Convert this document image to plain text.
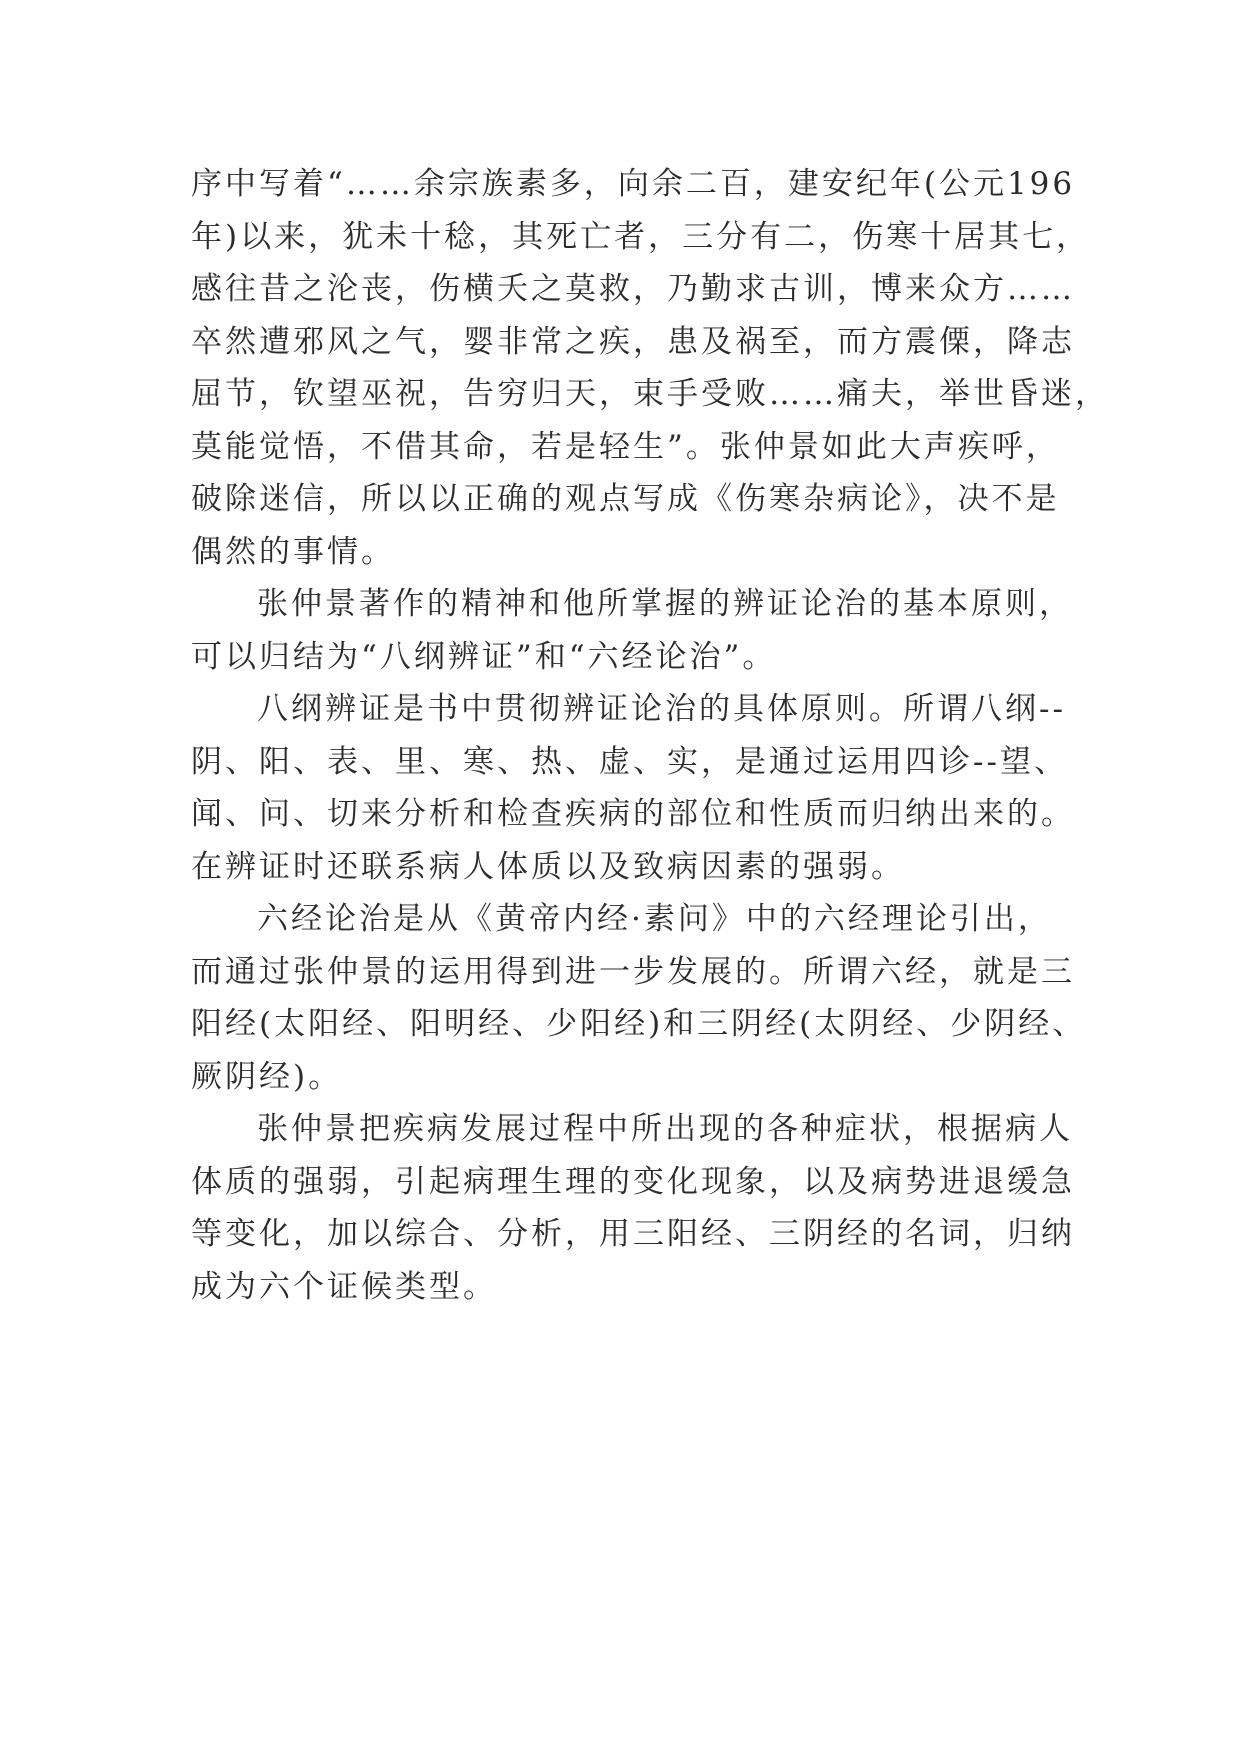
序中写着“……余宗族素多，向余二百，建安纪年(公元196
年)以来，犹未十稔，其死亡者，三分有二，伤寒十居其七，
感往昔之沦丧，伤横夭之莫救，乃勤求古训，博来众方……
卒然遭邪风之气，婴非常之疾，患及祸至，而方震傈，降志
屈节，钦望巫祝，告穷归天，束手受败……痛夫，举世昏迷，
莫能觉悟，不借其命，若是轻生”。张仲景如此大声疾呼，
破除迷信，所以以正确的观点写成《伤寒杂病论》，决不是
偶然的事情。
张仲景著作的精神和他所掌握的辨证论治的基本原则，
可以归结为“八纲辨证”和“六经论治”。
八纲辨证是书中贯彻辨证论治的具体原则。所谓八纲--
阴、阳、表、里、寒、热、虚、实，是通过运用四诊--望、
闻、问、切来分析和检查疾病的部位和性质而归纳出来的。
在辨证时还联系病人体质以及致病因素的强弱。
六经论治是从《黄帝内经·素问》中的六经理论引出，
而通过张仲景的运用得到进一步发展的。所谓六经，就是三
阳经(太阳经、阳明经、少阳经)和三阴经(太阴经、少阴经、
厥阴经)。
张仲景把疾病发展过程中所出现的各种症状，根据病人
体质的强弱，引起病理生理的变化现象，以及病势进退缓急
等变化，加以综合、分析，用三阳经、三阴经的名词，归纳
成为六个证候类型。
